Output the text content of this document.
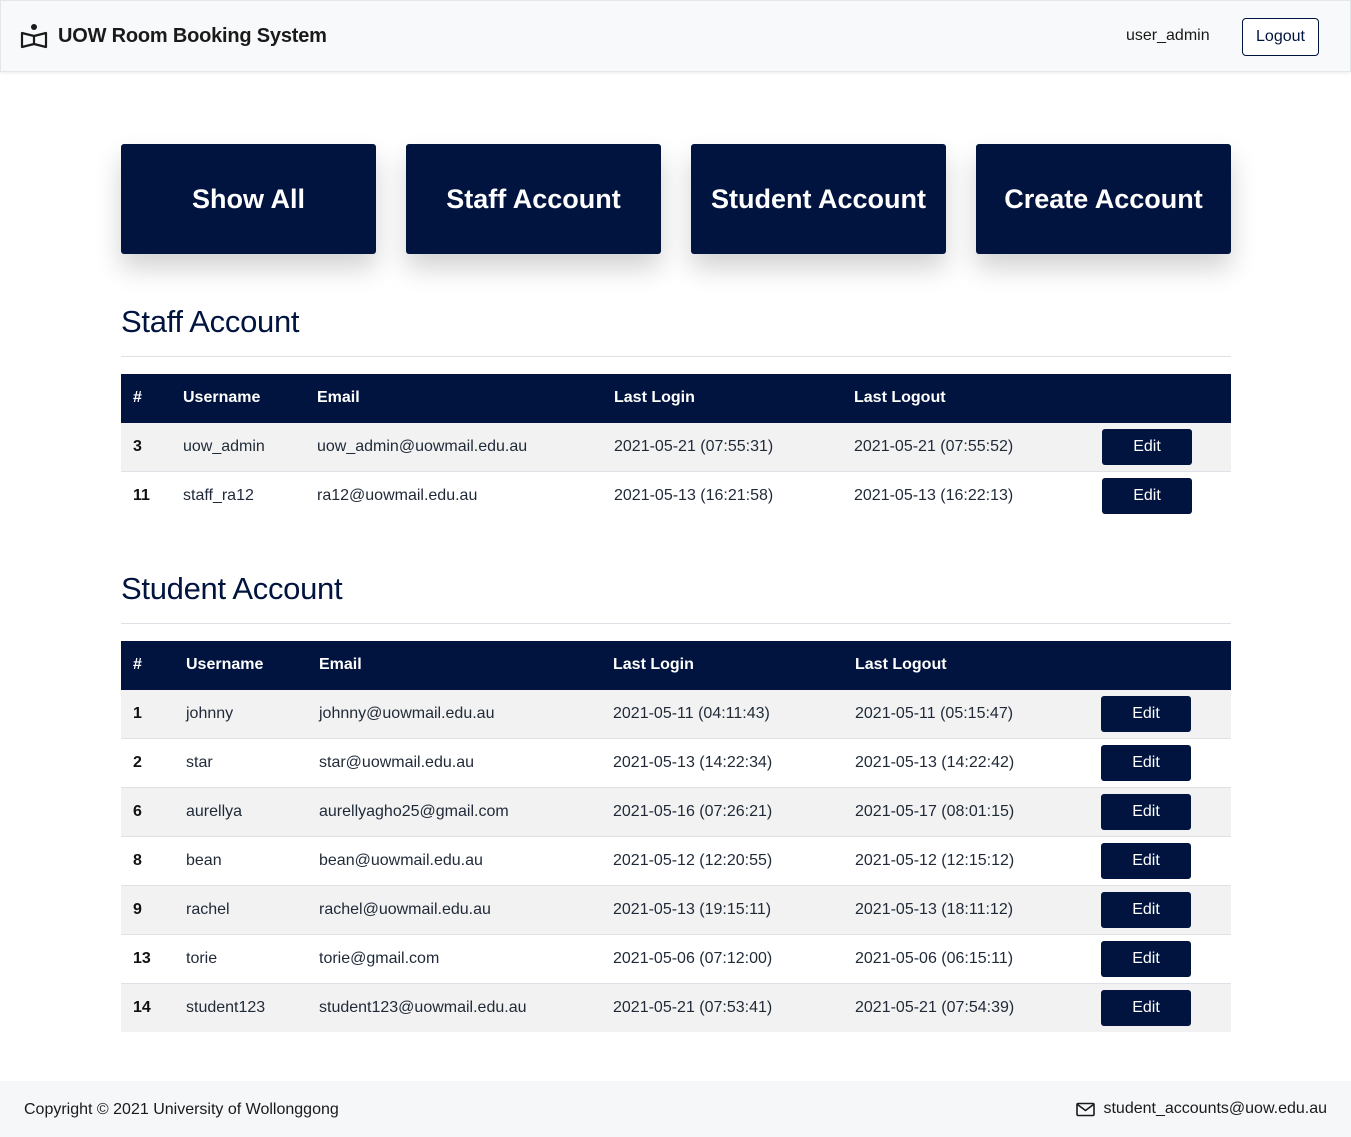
UOW Room Booking System	user_admin	Logout
Show All	Staff Account	Student Account	Create Account
Staff Account
#	Username	Email	Last Login	Last Logout	
3	uow_admin	uow_admin@uowmail.edu.au	2021-05-21 (07:55:31)	2021-05-21 (07:55:52)	Edit
11	staff_ra12	ra12@uowmail.edu.au	2021-05-13 (16:21:58)	2021-05-13 (16:22:13)	Edit
Student Account
#	Username	Email	Last Login	Last Logout	
1	johnny	johnny@uowmail.edu.au	2021-05-11 (04:11:43)	2021-05-11 (05:15:47)	Edit
2	star	star@uowmail.edu.au	2021-05-13 (14:22:34)	2021-05-13 (14:22:42)	Edit
6	aurellya	aurellyagho25@gmail.com	2021-05-16 (07:26:21)	2021-05-17 (08:01:15)	Edit
8	bean	bean@uowmail.edu.au	2021-05-12 (12:20:55)	2021-05-12 (12:15:12)	Edit
9	rachel	rachel@uowmail.edu.au	2021-05-13 (19:15:11)	2021-05-13 (18:11:12)	Edit
13	torie	torie@gmail.com	2021-05-06 (07:12:00)	2021-05-06 (06:15:11)	Edit
14	student123	student123@uowmail.edu.au	2021-05-21 (07:53:41)	2021-05-21 (07:54:39)	Edit
Copyright © 2021 University of Wollonggong	student_accounts@uow.edu.au
